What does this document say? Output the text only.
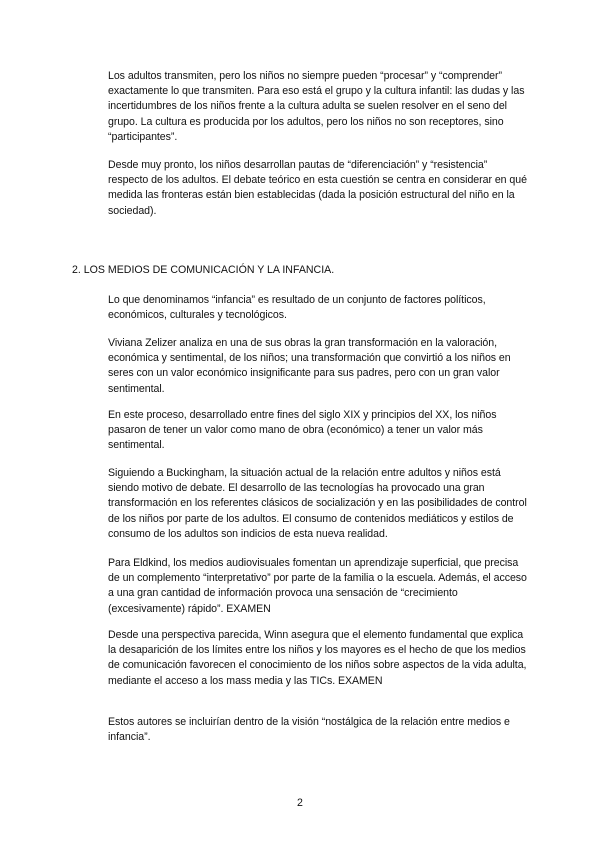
Los adultos transmiten, pero los niños no siempre pueden “procesar” y “comprender” exactamente lo que transmiten. Para eso está el grupo y la cultura infantil: las dudas y las incertidumbres de los niños frente a la cultura adulta se suelen resolver en el seno del grupo. La cultura es producida por los adultos, pero los niños no son receptores, sino “participantes”.

Desde muy pronto, los niños desarrollan pautas de “diferenciación” y “resistencia” respecto de los adultos. El debate teórico en esta cuestión se centra en considerar en qué medida las fronteras están bien establecidas (dada la posición estructural del niño en la sociedad).

2. LOS MEDIOS DE COMUNICACIÓN Y LA INFANCIA.

Lo que denominamos “infancia” es resultado de un conjunto de factores políticos, económicos, culturales y tecnológicos.

Viviana Zelizer analiza en una de sus obras la gran transformación en la valoración, económica y sentimental, de los niños; una transformación que convirtió a los niños en seres con un valor económico insignificante para sus padres, pero con un gran valor sentimental.

En este proceso, desarrollado entre fines del siglo XIX y principios del XX, los niños pasaron de tener un valor como mano de obra (económico) a tener un valor más sentimental.

Siguiendo a Buckingham, la situación actual de la relación entre adultos y niños está siendo motivo de debate. El desarrollo de las tecnologías ha provocado una gran transformación en los referentes clásicos de socialización y en las posibilidades de control de los niños por parte de los adultos. El consumo de contenidos mediáticos y estilos de consumo de los adultos son indicios de esta nueva realidad.

Para Eldkind, los medios audiovisuales fomentan un aprendizaje superficial, que precisa de un complemento “interpretativo” por parte de la familia o la escuela. Además, el acceso a una gran cantidad de información provoca una sensación de “crecimiento (excesivamente) rápido”. EXAMEN

Desde una perspectiva parecida, Winn asegura que el elemento fundamental que explica la desaparición de los límites entre los niños y los mayores es el hecho de que los medios de comunicación favorecen el conocimiento de los niños sobre aspectos de la vida adulta, mediante el acceso a los mass media y las TICs. EXAMEN

Estos autores se incluirían dentro de la visión “nostálgica de la relación entre medios e infancia”.

2
